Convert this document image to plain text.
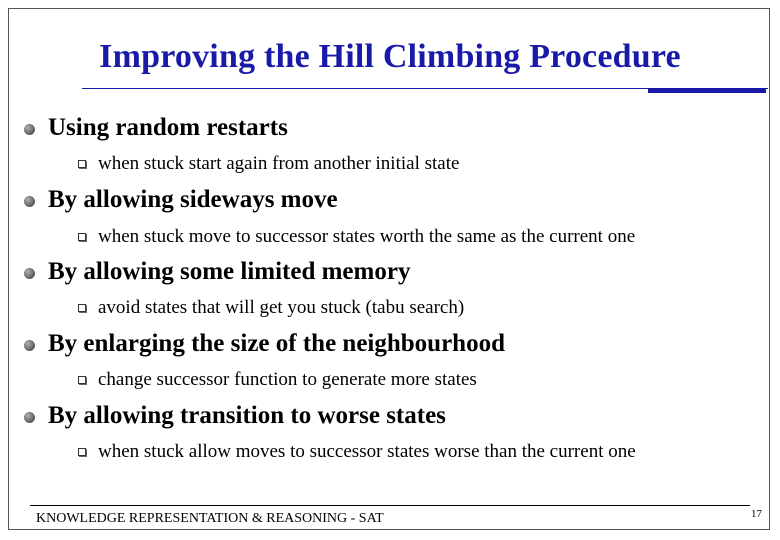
Improving the Hill Climbing Procedure
Using random restarts
when stuck start again from another initial state
By allowing sideways move
when stuck move to successor states worth the same as the current one
By allowing some limited memory
avoid states that will get you stuck (tabu search)
By enlarging the size of the neighbourhood
change successor function to generate more states
By allowing transition to worse states
when stuck allow moves to successor states worse than the current one
KNOWLEDGE REPRESENTATION & REASONING - SAT	17
